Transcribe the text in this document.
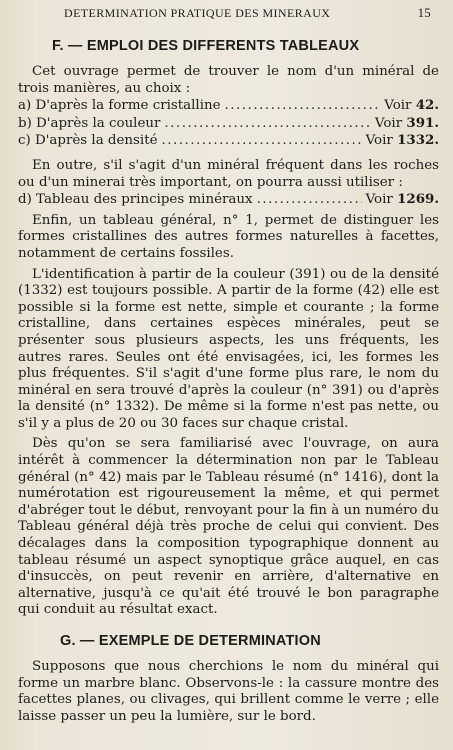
DETERMINATION PRATIQUE DES MINERAUX	15
F. — EMPLOI DES DIFFERENTS TABLEAUX

Cet ouvrage permet de trouver le nom d'un minéral de trois manières, au choix :

a) D'après la forme cristalline .....	Voir 42.
b) D'après la couleur .....	Voir 391.
c) D'après la densité .....	Voir 1332.

En outre, s'il s'agit d'un minéral fréquent dans les roches ou d'un minerai très important, on pourra aussi utiliser :

d) Tableau des principes minéraux .....	Voir 1269.

Enfin, un tableau général, n° 1, permet de distinguer les formes cristallines des autres formes naturelles à facettes, notamment de certains fossiles.

L'identification à partir de la couleur (391) ou de la densité (1332) est toujours possible. A partir de la forme (42) elle est possible si la forme est nette, simple et courante ; la forme cristalline, dans certaines espèces minérales, peut se présenter sous plusieurs aspects, les uns fréquents, les autres rares. Seules ont été envisagées, ici, les formes les plus fréquentes. S'il s'agit d'une forme plus rare, le nom du minéral en sera trouvé d'après la couleur (n° 391) ou d'après la densité (n° 1332). De même si la forme n'est pas nette, ou s'il y a plus de 20 ou 30 faces sur chaque cristal.

Dès qu'on se sera familiarisé avec l'ouvrage, on aura intérêt à commencer la détermination non par le Tableau général (n° 42) mais par le Tableau résumé (n° 1416), dont la numérotation est rigoureusement la même, et qui permet d'abréger tout le début, renvoyant pour la fin à un numéro du Tableau général déjà très proche de celui qui convient. Des décalages dans la composition typographique donnent au tableau résumé un aspect synoptique grâce auquel, en cas d'insuccès, on peut revenir en arrière, d'alternative en alternative, jusqu'à ce qu'ait été trouvé le bon paragraphe qui conduit au résultat exact.

G. — EXEMPLE DE DETERMINATION

Supposons que nous cherchions le nom du minéral qui forme un marbre blanc. Observons-le : la cassure montre des facettes planes, ou clivages, qui brillent comme le verre ; elle laisse passer un peu la lumière, sur le bord.
